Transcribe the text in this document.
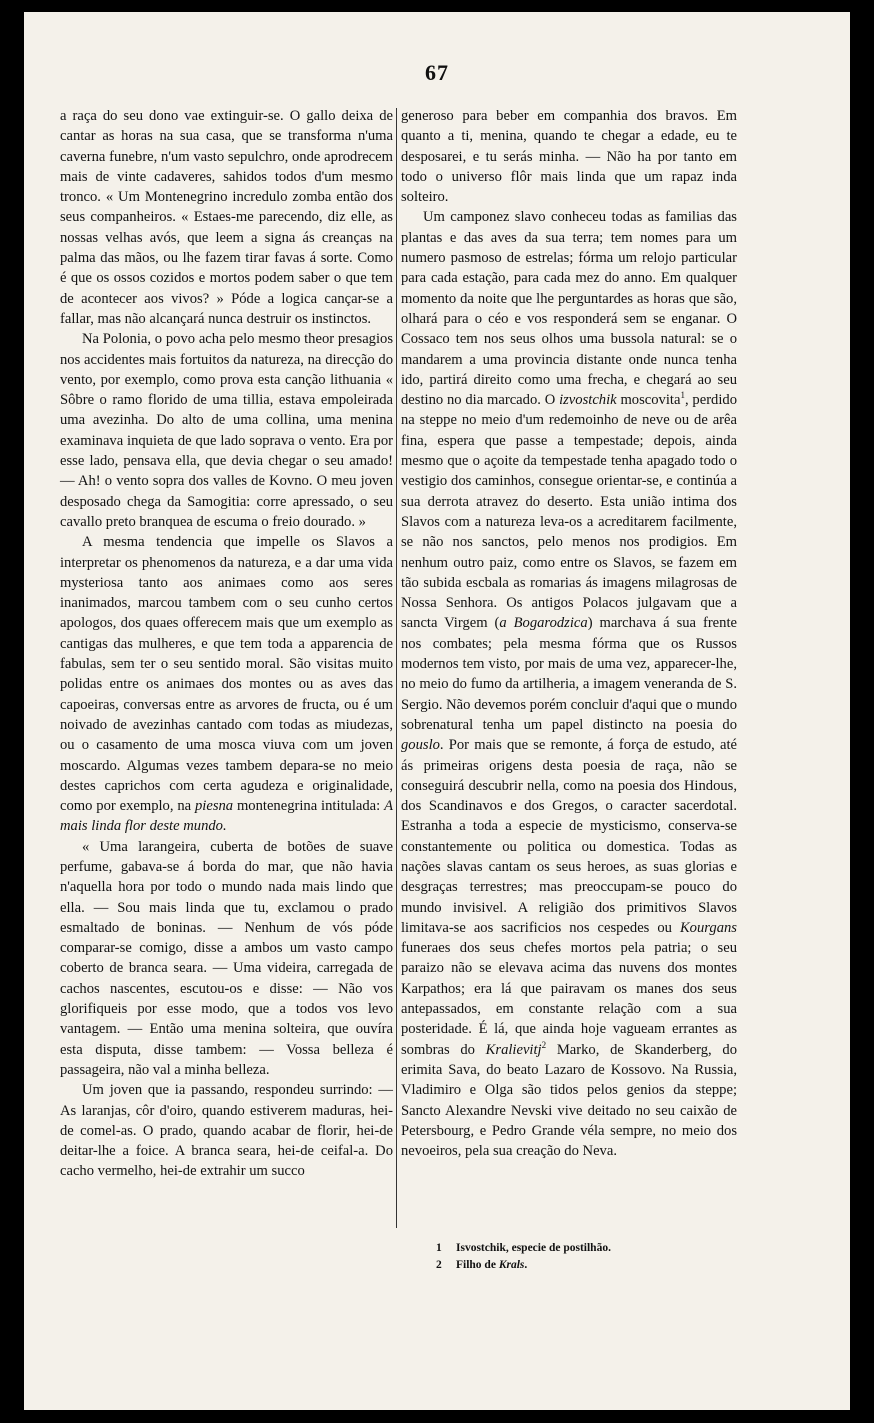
67

a raça do seu dono vae extinguir-se. O gallo deixa de cantar as horas na sua casa, que se transforma n'uma caverna funebre, n'um vasto sepulchro, onde aprodrecem mais de vinte cadaveres, sahidos todos d'um mesmo tronco. « Um Montenegrino incredulo zomba então dos seus companheiros. « Estaes-me parecendo, diz elle, as nossas velhas avós, que leem a signa ás creanças na palma das mãos, ou lhe fazem tirar favas á sorte. Como é que os ossos cozidos e mortos podem saber o que tem de acontecer aos vivos? » Póde a logica cançar-se a fallar, mas não alcançará nunca destruir os instinctos.

Na Polonia, o povo acha pelo mesmo theor presagios nos accidentes mais fortuitos da natureza, na direcção do vento, por exemplo, como prova esta canção lithuania « Sôbre o ramo florido de uma tillia, estava empoleirada uma avezinha. Do alto de uma collina, uma menina examinava inquieta de que lado soprava o vento. Era por esse lado, pensava ella, que devia chegar o seu amado! — Ah! o vento sopra dos valles de Kovno. O meu joven desposado chega da Samogitia: corre apressado, o seu cavallo preto branquea de escuma o freio dourado. »

A mesma tendencia que impelle os Slavos a interpretar os phenomenos da natureza, e a dar uma vida mysteriosa tanto aos animaes como aos seres inanimados, marcou tambem com o seu cunho certos apologos, dos quaes offerecem mais que um exemplo as cantigas das mulheres, e que tem toda a apparencia de fabulas, sem ter o seu sentido moral. São visitas muito polidas entre os animaes dos montes ou as aves das capoeiras, conversas entre as arvores de fructa, ou é um noivado de avezinhas cantado com todas as miudezas, ou o casamento de uma mosca viuva com um joven moscardo. Algumas vezes tambem depara-se no meio destes caprichos com certa agudeza e originalidade, como por exemplo, na piesna montenegrina intitulada: A mais linda flor deste mundo.

« Uma larangeira, cuberta de botões de suave perfume, gabava-se á borda do mar, que não havia n'aquella hora por todo o mundo nada mais lindo que ella. — Sou mais linda que tu, exclamou o prado esmaltado de boninas. — Nenhum de vós póde comparar-se comigo, disse a ambos um vasto campo coberto de branca seara. — Uma videira, carregada de cachos nascentes, escutou-os e disse: — Não vos glorifiqueis por esse modo, que a todos vos levo vantagem. — Então uma menina solteira, que ouvíra esta disputa, disse tambem: — Vossa belleza é passageira, não val a minha belleza.

Um joven que ia passando, respondeu surrindo: — As laranjas, côr d'oiro, quando estiverem maduras, hei-de comel-as. O prado, quando acabar de florir, hei-de deitar-lhe a foice. A branca seara, hei-de ceifal-a. Do cacho vermelho, hei-de extrahir um succo

generoso para beber em companhia dos bravos. Em quanto a ti, menina, quando te chegar a edade, eu te desposarei, e tu serás minha. — Não ha por tanto em todo o universo flôr mais linda que um rapaz inda solteiro.

Um camponez slavo conheceu todas as familias das plantas e das aves da sua terra; tem nomes para um numero pasmoso de estrelas; fórma um relojo particular para cada estação, para cada mez do anno. Em qualquer momento da noite que lhe perguntardes as horas que são, olhará para o céo e vos responderá sem se enganar. O Cossaco tem nos seus olhos uma bussola natural: se o mandarem a uma provincia distante onde nunca tenha ido, partirá direito como uma frecha, e chegará ao seu destino no dia marcado. O izvostchik moscovita$^1$, perdido na steppe no meio d'um redemoinho de neve ou de arêa fina, espera que passe a tempestade; depois, ainda mesmo que o açoite da tempestade tenha apagado todo o vestigio dos caminhos, consegue orientar-se, e continúa a sua derrota atravez do deserto. Esta união intima dos Slavos com a natureza leva-os a acreditarem facilmente, se não nos sanctos, pelo menos nos prodigios. Em nenhum outro paiz, como entre os Slavos, se fazem em tão subida escbala as romarias ás imagens milagrosas de Nossa Senhora. Os antigos Polacos julgavam que a sancta Virgem (a Bogarodzica) marchava á sua frente nos combates; pela mesma fórma que os Russos modernos tem visto, por mais de uma vez, apparecer-lhe, no meio do fumo da artilheria, a imagem veneranda de S. Sergio. Não devemos porém concluir d'aqui que o mundo sobrenatural tenha um papel distincto na poesia do gouslo. Por mais que se remonte, á força de estudo, até ás primeiras origens desta poesia de raça, não se conseguirá descubrir nella, como na poesia dos Hindous, dos Scandinavos e dos Gregos, o caracter sacerdotal. Estranha a toda a especie de mysticismo, conserva-se constantemente ou politica ou domestica. Todas as nações slavas cantam os seus heroes, as suas glorias e desgraças terrestres; mas preoccupam-se pouco do mundo invisivel. A religião dos primitivos Slavos limitava-se aos sacrificios nos cespedes ou Kourgans funeraes dos seus chefes mortos pela patria; o seu paraizo não se elevava acima das nuvens dos montes Karpathos; era lá que pairavam os manes dos seus antepassados, em constante relação com a sua posteridade. É lá, que ainda hoje vagueam errantes as sombras do Kralievitj$^2$ Marko, de Skanderberg, do erimita Sava, do beato Lazaro de Kossovo. Na Russia, Vladimiro e Olga são tidos pelos genios da steppe; Sancto Alexandre Nevski vive deitado no seu caixão de Petersbourg, e Pedro Grande véla sempre, no meio dos nevoeiros, pela sua creação do Neva.

1 Isvostchik, especie de postilhão.
2 Filho de Krals.
